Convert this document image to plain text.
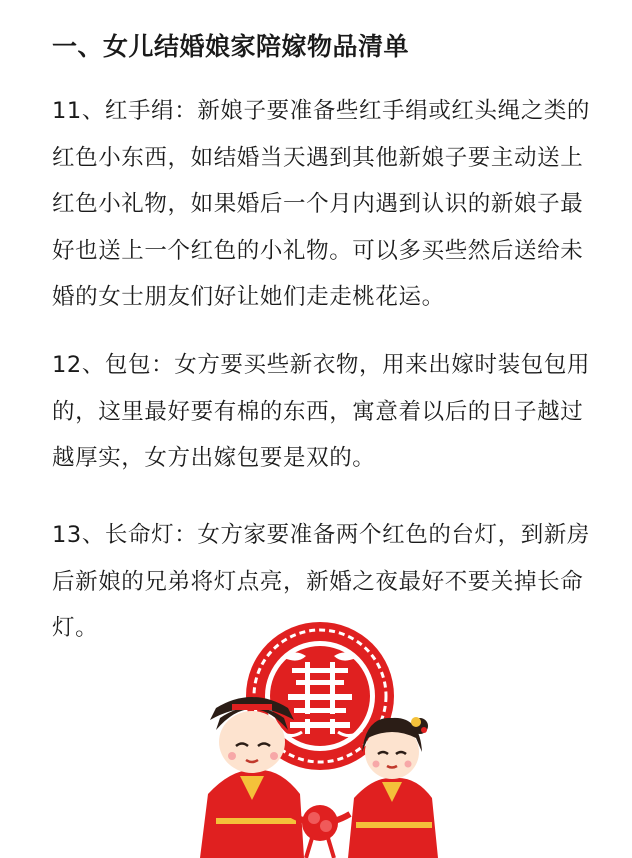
一、女儿结婚娘家陪嫁物品清单

11、红手绢：新娘子要准备些红手绢或红头绳之类的红色小东西，如结婚当天遇到其他新娘子要主动送上红色小礼物，如果婚后一个月内遇到认识的新娘子最好也送上一个红色的小礼物。可以多买些然后送给未婚的女士朋友们好让她们走走桃花运。

12、包包：女方要买些新衣物，用来出嫁时装包包用的，这里最好要有棉的东西，寓意着以后的日子越过越厚实，女方出嫁包要是双的。

13、长命灯：女方家要准备两个红色的台灯，到新房后新娘的兄弟将灯点亮，新婚之夜最好不要关掉长命灯。
